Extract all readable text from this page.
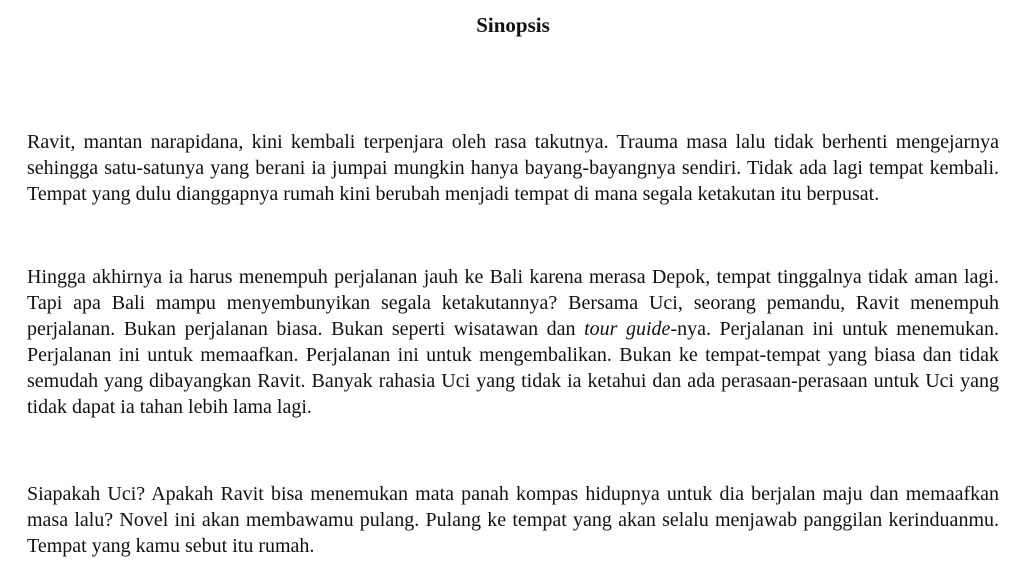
Sinopsis

Ravit, mantan narapidana, kini kembali terpenjara oleh rasa takutnya. Trauma masa lalu tidak berhenti mengejarnya sehingga satu-satunya yang berani ia jumpai mungkin hanya bayang-bayangnya sendiri. Tidak ada lagi tempat kembali. Tempat yang dulu dianggapnya rumah kini berubah menjadi tempat di mana segala ketakutan itu berpusat.

Hingga akhirnya ia harus menempuh perjalanan jauh ke Bali karena merasa Depok, tempat tinggalnya tidak aman lagi. Tapi apa Bali mampu menyembunyikan segala ketakutannya? Bersama Uci, seorang pemandu, Ravit menempuh perjalanan. Bukan perjalanan biasa. Bukan seperti wisatawan dan tour guide-nya. Perjalanan ini untuk menemukan. Perjalanan ini untuk memaafkan. Perjalanan ini untuk mengembalikan. Bukan ke tempat-tempat yang biasa dan tidak semudah yang dibayangkan Ravit. Banyak rahasia Uci yang tidak ia ketahui dan ada perasaan-perasaan untuk Uci yang tidak dapat ia tahan lebih lama lagi.

Siapakah Uci? Apakah Ravit bisa menemukan mata panah kompas hidupnya untuk dia berjalan maju dan memaafkan masa lalu? Novel ini akan membawamu pulang. Pulang ke tempat yang akan selalu menjawab panggilan kerinduanmu. Tempat yang kamu sebut itu rumah.
